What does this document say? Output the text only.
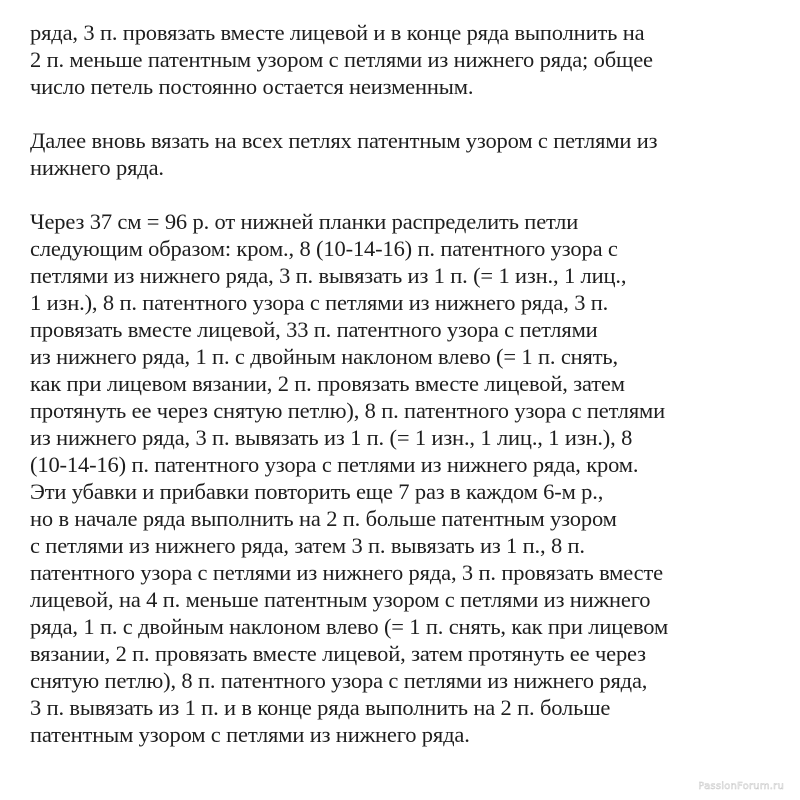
ряда, 3 п. провязать вместе лицевой и в конце ряда выполнить на
2 п. меньше патентным узором с петлями из нижнего ряда; общее
число петель постоянно остается неизменным.

Далее вновь вязать на всех петлях патентным узором с петлями из
нижнего ряда.

Через 37 см = 96 р. от нижней планки распределить петли
следующим образом: кром., 8 (10-14-16) п. патентного узора с
петлями из нижнего ряда, 3 п. вывязать из 1 п. (= 1 изн., 1 лиц.,
1 изн.), 8 п. патентного узора с петлями из нижнего ряда, 3 п.
провязать вместе лицевой, 33 п. патентного узора с петлями
из нижнего ряда, 1 п. с двойным наклоном влево (= 1 п. снять,
как при лицевом вязании, 2 п. провязать вместе лицевой, затем
протянуть ее через снятую петлю), 8 п. патентного узора с петлями
из нижнего ряда, 3 п. вывязать из 1 п. (= 1 изн., 1 лиц., 1 изн.), 8
(10-14-16) п. патентного узора с петлями из нижнего ряда, кром.
Эти убавки и прибавки повторить еще 7 раз в каждом 6-м р.,
но в начале ряда выполнить на 2 п. больше патентным узором
с петлями из нижнего ряда, затем 3 п. вывязать из 1 п., 8 п.
патентного узора с петлями из нижнего ряда, 3 п. провязать вместе
лицевой, на 4 п. меньше патентным узором с петлями из нижнего
ряда, 1 п. с двойным наклоном влево (= 1 п. снять, как при лицевом
вязании, 2 п. провязать вместе лицевой, затем протянуть ее через
снятую петлю), 8 п. патентного узора с петлями из нижнего ряда,
3 п. вывязать из 1 п. и в конце ряда выполнить на 2 п. больше
патентным узором с петлями из нижнего ряда.

PassionForum.ru
